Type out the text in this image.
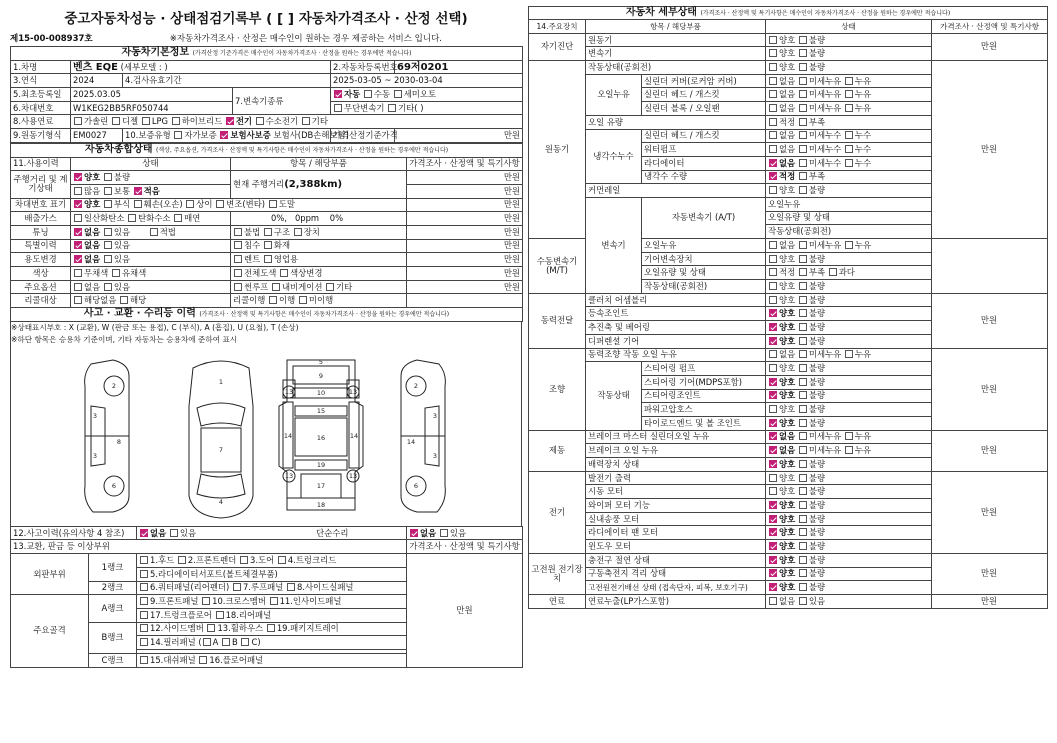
중고자동차성능 · 상태점검기록부 ( [ ] 자동차가격조사 · 산정 선택)
제15-00-008937호	※자동차가격조사 · 산정은 매수인이 원하는 경우 제공하는 서비스 입니다.
자동차기본정보 (가격산정 기준가격은 매수인이 자동차가격조사 · 산정을 원하는 경우에만 적습니다)					
1.차명	벤츠 EQE (세부모델 : )			2.자동차등록번호	69저0201
3.연식	2024	4.검사유효기간		2025-03-05 ~ 2030-03-04	
5.최초등록일	2025.03.05		7.변속기종류	자동 수동 세미오토	
6.차대번호	W1KEG2BB5RF050744			무단변속기 기타( )	
8.사용연료	가솔린 디젤 LPG 하이브리드 전기 수소전기 기타				
9.원동기형식	EM0027	10.보증유형 자가보증 보험사보증 보험사(DB손해보험)		가격산정기준가격	만원
자동차종합상태 (색상, 주요옵션, 가격조사 · 산정액 및 특기사항은 매수인이 자동차가격조사 · 산정을 원하는 경우에만 적습니다)			
11.사용이력	상태	항목 / 해당부품	가격조사 · 산정액 및 특기사항
주행거리 및 계기상태	양호 불량	현재 주행거리(2,388km)	만원
	많음 보통 적음		만원
차대번호 표기	양호 부식 훼손(오손) 상이 변조(변타) 도말		만원
배출가스	일산화탄소 탄화수소 매연	0%,   0ppm 0%	만원
튜닝	없음 있음 적법	불법 구조 장치	만원
특별이력	없음 있음	침수 화재	만원
용도변경	없음 있음	렌트 영업용	만원
색상	무채색 유채색	전체도색 색상변경	만원
주요옵션	없음 있음	썬루프 내비게이션 기타	만원
리콜대상	해당없음 해당	리콜이행 이행 미이행	
사고 · 교환 · 수리등 이력 (가격조사 · 산정액 및 특기사항은 매수인이 자동차가격조사 · 산정을 원하는 경우에만 적습니다)			
※상태표시부호 : X (교환), W (판금 또는 용접), C (부식), A (흠집), U (요철), T (손상)
※하단 항목은 승용차 기준이며, 기타 자동차는 승용차에 준하여 표시
2
3
3
8
6
1
7
4
5
9
10
15
16
19
17
18
13	13
13	13
14	14
2
3
3
14
6
12.사고이력(유의사항 4 참조)		없음 있음 단순수리	없음 있음
13.교환, 판금 등 이상부위			가격조사 · 산정액 및 특기사항
외판부위	1랭크	1.후드 2.프론트펜더 3.도어 4.트렁크리드	만원
		5.라디에이터서포트(볼트체결부품)	
	2랭크	6.쿼터패널(리어펜더) 7.루프패널 8.사이드실패널	
주요골격	A랭크	9.프론트패널 10.크로스멤버 11.인사이드패널	
		17.트렁크플로어 18.리어패널	
	B랭크	12.사이드멤버 13.휠하우스 19.패키지트레이	
		14.필러패널 ( A B C)	

	C랭크	15.대쉬패널 16.플로어패널	
자동차 세부상태 (가격조사 · 산정액 및 특기사항은 매수인이 자동차가격조사 · 산정을 원하는 경우에만 적습니다)					
14.주요장치	항목 / 해당부품		상태	가격조사 · 산정액 및 특기사항	
자기진단	원동기		양호 불량	만원	
	변속기		양호 불량		
원동기	작동상태(공회전)		양호 불량	만원	
	오일누유	실린더 커버(로커암 커버)	없음 미세누유 누유		
		실린더 헤드 / 개스킷	없음 미세누유 누유		
		실린더 블록 / 오일팬	없음 미세누유 누유		
	오일 유량		적정 부족		
	냉각수누수	실린더 헤드 / 개스킷	없음 미세누수 누수		
		워터펌프	없음 미세누수 누수		
		라디에이터	없음 미세누수 누수		
		냉각수 수량	적정 부족		
	커먼레일		양호 불량		
	변속기	자동변속기 (A/T)	오일누유		
			오일유량 및 상태	
			작동상태(공회전)	
수동변속기 (M/T)		오일누유	없음 미세누유 누유		
		기어변속장치	양호 불량		
		오일유량 및 상태	적정 부족 과다		
		작동상태(공회전)	양호 불량		
동력전달	클러치 어셈블리		양호 불량	만원	
	등속조인트		양호 불량		
	추진축 및 베어링		양호 불량		
	디퍼렌셜 기어		양호 불량		
조향	동력조향 작동 오일 누유		없음 미세누유 누유	만원	
	작동상태	스티어링 펌프	양호 불량		
		스티어링 기어(MDPS포함)	양호 불량		
		스티어링조인트	양호 불량		
		파워고압호스	양호 불량		
		타이로드엔드 및 볼 조인트	양호 불량		
제동	브레이크 마스터 실린더오일 누유		없음 미세누유 누유	만원	
	브레이크 오일 누유		없음 미세누유 누유		
	배력장치 상태		양호 불량		
전기	발전기 출력		양호 불량	만원	
	시동 모터		양호 불량		
	와이퍼 모터 기능		양호 불량		
	실내송풍 모터		양호 불량		
	라디에이터 팬 모터		양호 불량		
	윈도우 모터		양호 불량		
고전원 전기장치	충전구 절연 상태		양호 불량	만원	
	구동축전지 격리 상태		양호 불량		
	고전원전기배선 상태 (접속단자, 피복, 보호기구)		양호 불량		
연료	연료누출(LP가스포함)		없음 있음	만원	
